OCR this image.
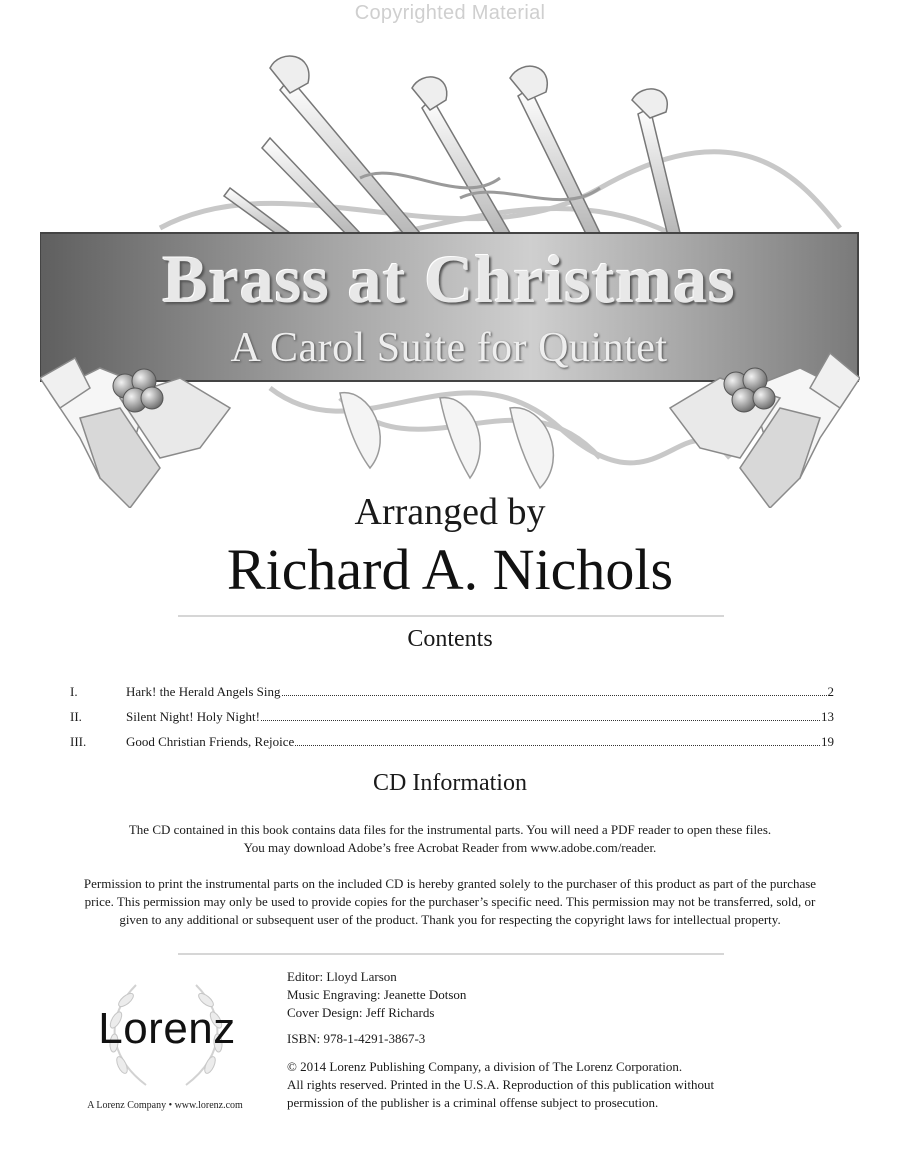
Copyrighted Material
Brass at Christmas
A Carol Suite for Quintet
Arranged by
Richard A. Nichols
Contents
I.	Hark! the Herald Angels Sing	2
II.	Silent Night! Holy Night!	13
III.	Good Christian Friends, Rejoice	19
CD Information
The CD contained in this book contains data files for the instrumental parts. You will need a PDF reader to open these files.
You may download Adobe’s free Acrobat Reader from www.adobe.com/reader.
Permission to print the instrumental parts on the included CD is hereby granted solely to the purchaser of this product as part of the purchase
price. This permission may only be used to provide copies for the purchaser’s specific need. This permission may not be transferred, sold, or
given to any additional or subsequent user of the product. Thank you for respecting the copyright laws for intellectual property.
Lorenz
A Lorenz Company • www.lorenz.com
Editor: Lloyd Larson
Music Engraving: Jeanette Dotson
Cover Design: Jeff Richards
ISBN: 978-1-4291-3867-3
© 2014 Lorenz Publishing Company, a division of The Lorenz Corporation.
All rights reserved. Printed in the U.S.A. Reproduction of this publication without
permission of the publisher is a criminal offense subject to prosecution.
